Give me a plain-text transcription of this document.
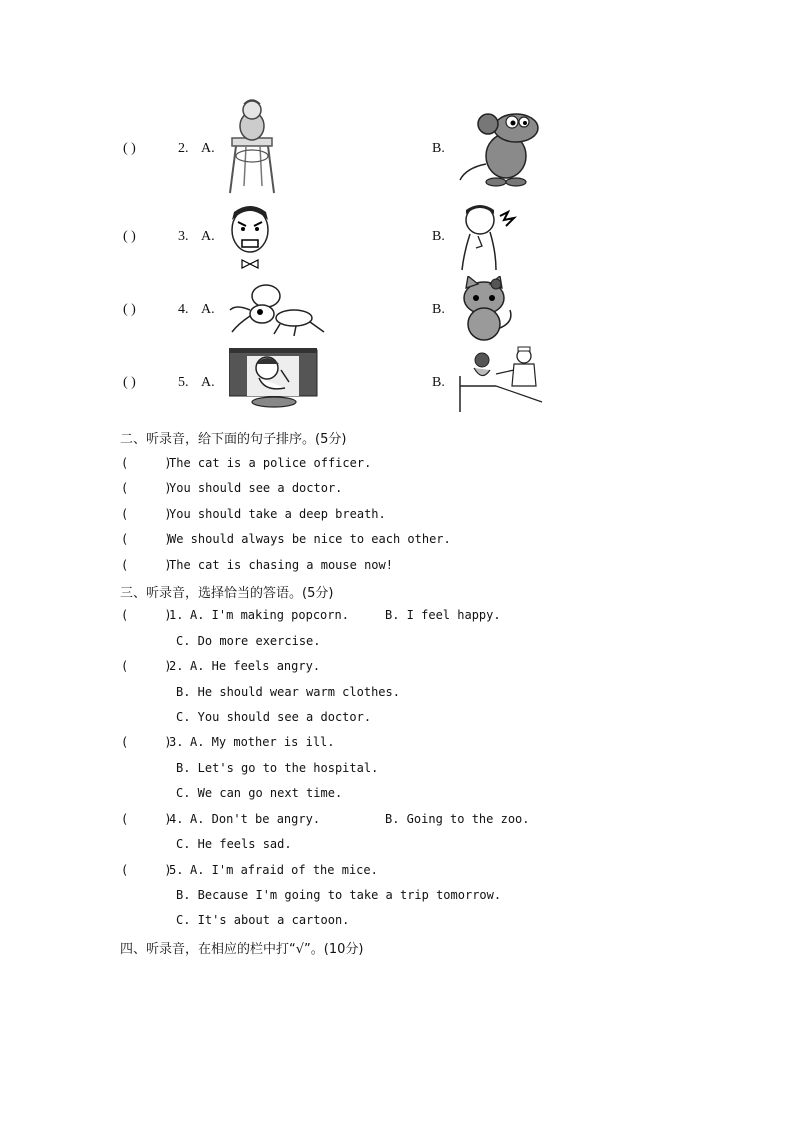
( )	2. A.	B.
( )	3. A.	B.
( )	4. A.	B.
( )	5. A.	B.
二、听录音，给下面的句子排序。(5分)
(     )
The cat is a police officer.
(     )
You should see a doctor.
(     )
You should take a deep breath.
(     )
We should always be nice to each other.
(     )
The cat is chasing a mouse now!
三、听录音，选择恰当的答语。(5分)
(     )
1. A. I'm making popcorn.	B. I feel happy.
C. Do more exercise.
(     )
2. A. He feels angry.
B. He should wear warm clothes.
C. You should see a doctor.
(     )
3. A. My mother is ill.
B. Let's go to the hospital.
C. We can go next time.
(     )
4. A. Don't be angry.	B. Going to the zoo.
C. He feels sad.
(     )
5. A. I'm afraid of the mice.
B. Because I'm going to take a trip tomorrow.
C. It's about a cartoon.
四、听录音，在相应的栏中打“√”。(10分)
